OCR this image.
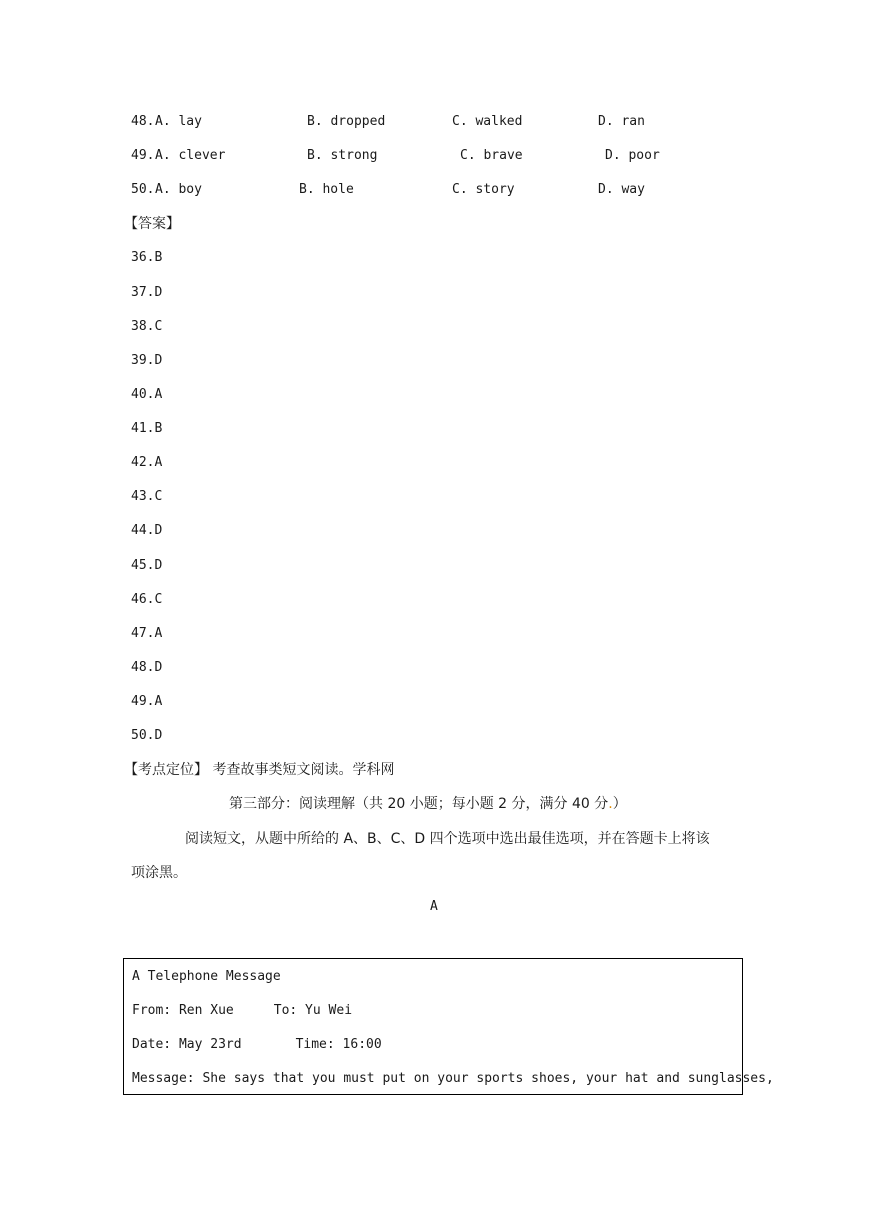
48. A. lay	B. dropped	C. walked	D. ran
49. A. clever	B. strong	C. brave	D. poor
50. A. boy	B. hole	C. story	D. way
【答案】
36.B
37.D
38.C
39.D
40.A
41.B
42.A
43.C
44.D
45.D
46.C
47.A
48.D
49.A
50.D
【考点定位】 考查故事类短文阅读。学科网
第三部分：阅读理解（共 20 小题；每小题 2 分，满分 40 分.）
阅读短文，从题中所给的 A、B、C、D 四个选项中选出最佳选项，并在答题卡上将该
项涂黑。
A
A Telephone Message
From: Ren Xue	To: Yu Wei
Date: May 23rd	Time: 16:00
Message: She says that you must put on your sports shoes, your hat and sunglasses,
